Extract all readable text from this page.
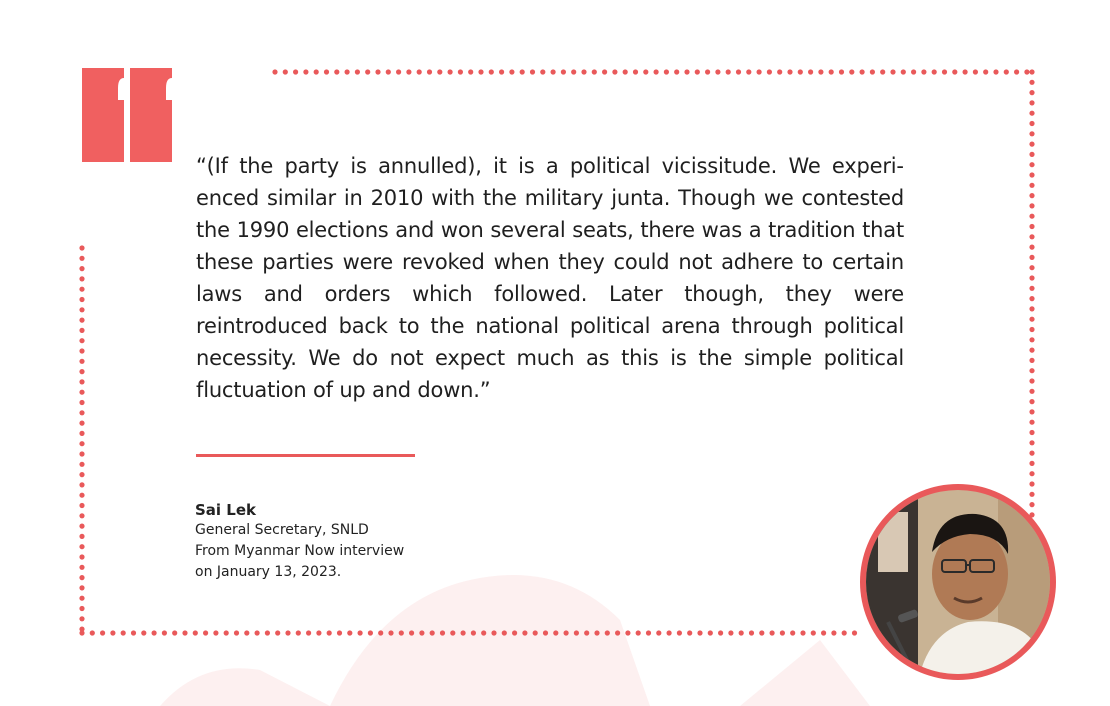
“(If the party is annulled), it is a political vicissitude. We experienced similar in 2010 with the military junta. Though we contested the 1990 elections and won several seats, there was a tradition that these parties were revoked when they could not adhere to certain laws and orders which followed. Later though, they were reintroduced back to the national political arena through political necessity. We do not expect much as this is the simple political fluctuation of up and down.”

Sai Lek
General Secretary, SNLD
From Myanmar Now interview
on January 13, 2023.
